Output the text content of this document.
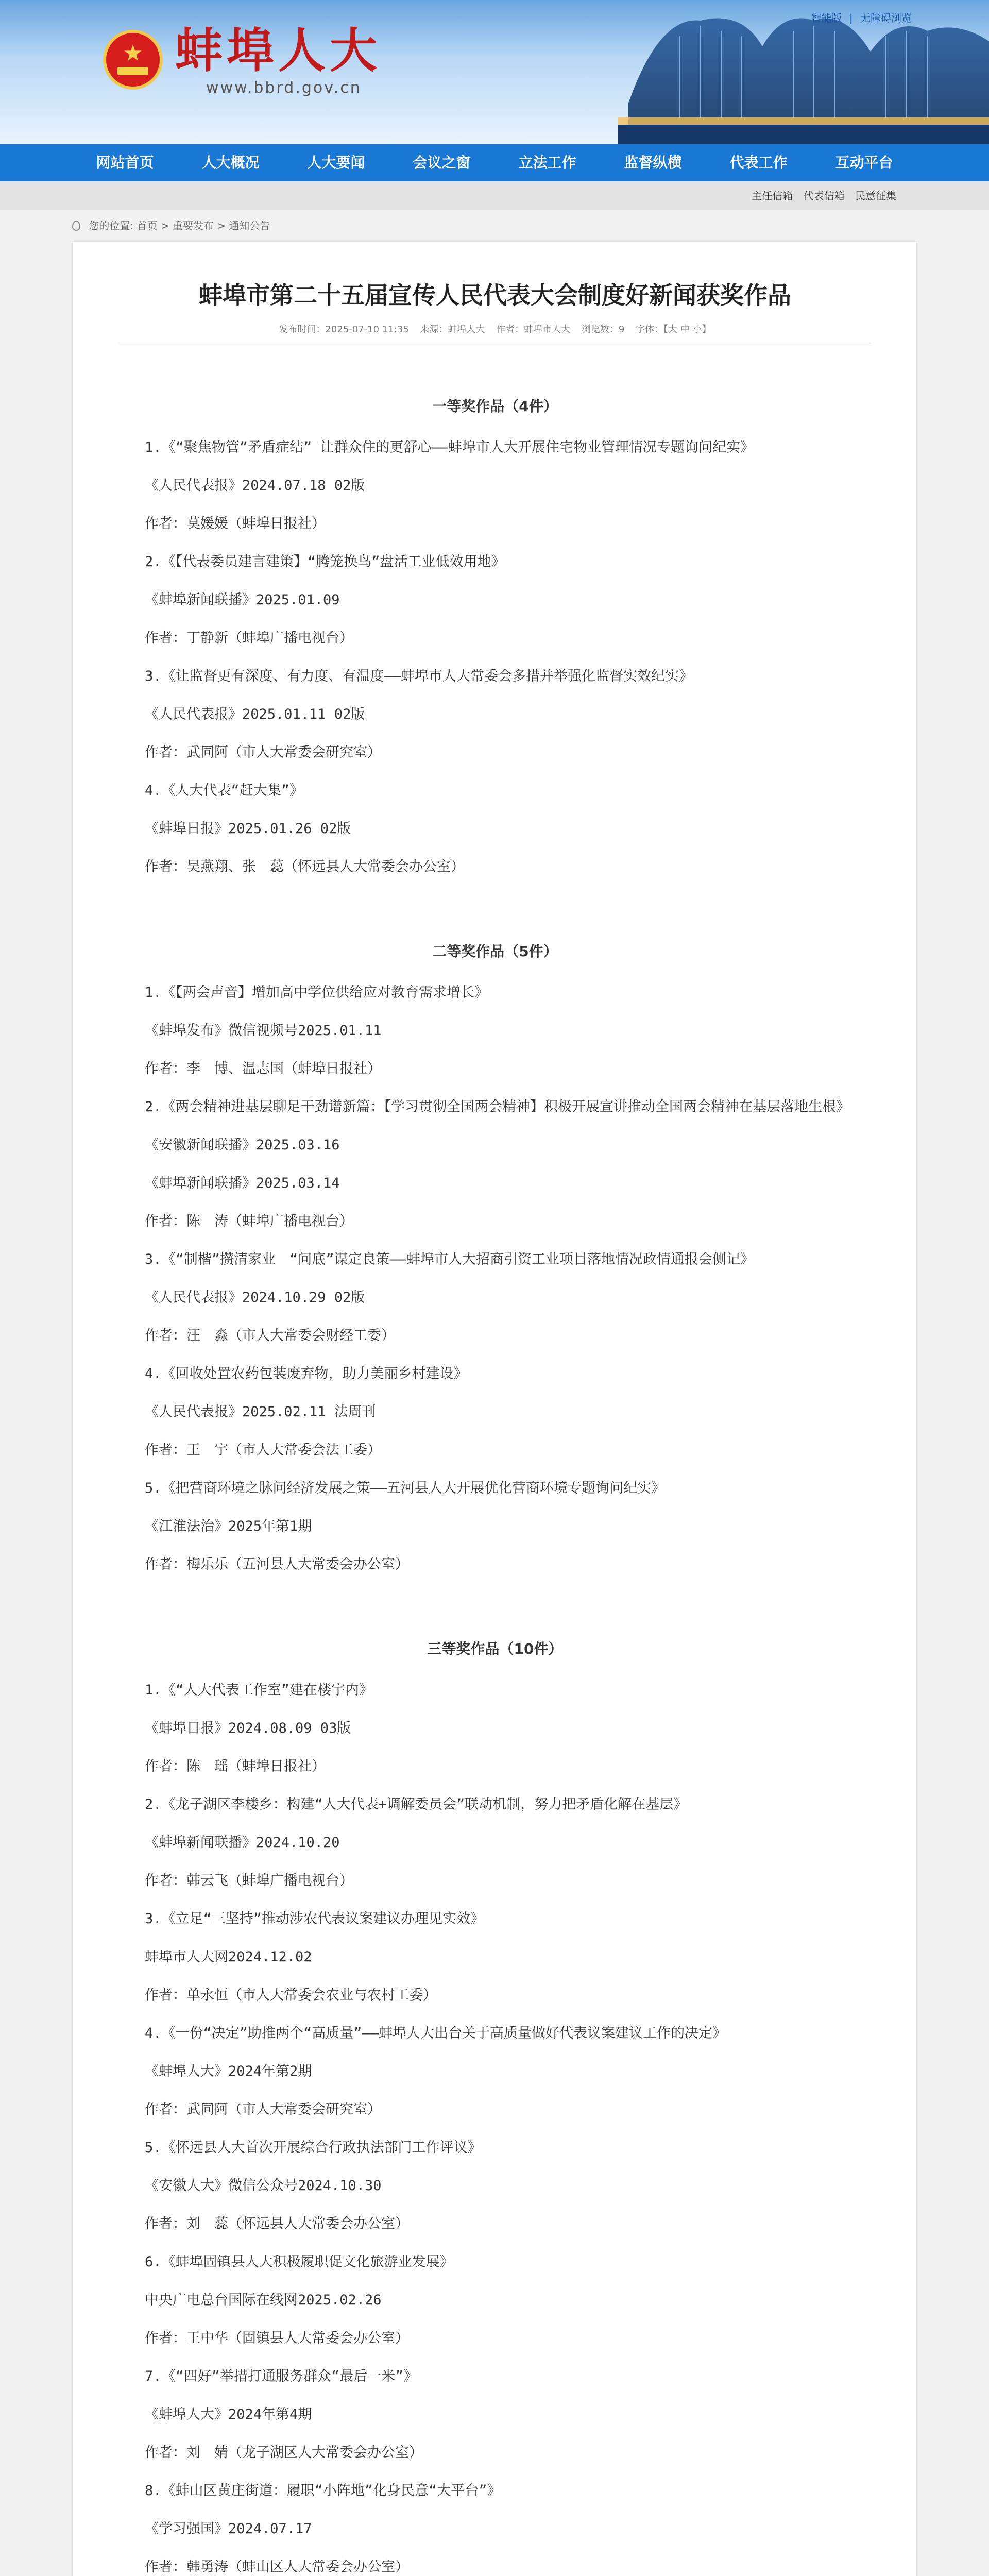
★ 蚌埠人大
www.bbrd.gov.cn
智能版 | 无障碍浏览
网站首页	人大概况	人大要闻	会议之窗	立法工作	监督纵横	代表工作	互动平台
主任信箱 代表信箱 民意征集
您的位置: 首页 > 重要发布 > 通知公告
蚌埠市第二十五届宣传人民代表大会制度好新闻获奖作品
发布时间：2025-07-10 11:35 来源：蚌埠人大 作者：蚌埠市人大 浏览数：9 字体：【大 中 小】
一等奖作品（4件）
1.《“聚焦物管”矛盾症结” 让群众住的更舒心——蚌埠市人大开展住宅物业管理情况专题询问纪实》
《人民代表报》2024.07.18 02版
作者：莫媛媛（蚌埠日报社）
2.《【代表委员建言建策】“腾笼换鸟”盘活工业低效用地》
《蚌埠新闻联播》2025.01.09
作者：丁静新（蚌埠广播电视台）
3.《让监督更有深度、有力度、有温度——蚌埠市人大常委会多措并举强化监督实效纪实》
《人民代表报》2025.01.11 02版
作者：武同阿（市人大常委会研究室）
4.《人大代表“赶大集”》
《蚌埠日报》2025.01.26 02版
作者：吴燕翔、张　蕊（怀远县人大常委会办公室）
二等奖作品（5件）
1.《【两会声音】增加高中学位供给应对教育需求增长》
《蚌埠发布》微信视频号2025.01.11
作者：李　博、温志国（蚌埠日报社）
2.《两会精神进基层聊足干劲谱新篇：【学习贯彻全国两会精神】积极开展宣讲推动全国两会精神在基层落地生根》
《安徽新闻联播》2025.03.16
《蚌埠新闻联播》2025.03.14
作者：陈　涛（蚌埠广播电视台）
3.《“制楷”攒清家业　“问底”谋定良策——蚌埠市人大招商引资工业项目落地情况政情通报会侧记》
《人民代表报》2024.10.29 02版
作者：汪　淼（市人大常委会财经工委）
4.《回收处置农药包装废弃物，助力美丽乡村建设》
《人民代表报》2025.02.11 法周刊
作者：王　宇（市人大常委会法工委）
5.《把营商环境之脉问经济发展之策——五河县人大开展优化营商环境专题询问纪实》
《江淮法治》2025年第1期
作者：梅乐乐（五河县人大常委会办公室）
三等奖作品（10件）
1.《“人大代表工作室”建在楼宇内》
《蚌埠日报》2024.08.09 03版
作者：陈　瑶（蚌埠日报社）
2.《龙子湖区李楼乡：构建“人大代表+调解委员会”联动机制，努力把矛盾化解在基层》
《蚌埠新闻联播》2024.10.20
作者：韩云飞（蚌埠广播电视台）
3.《立足“三坚持”推动涉农代表议案建议办理见实效》
蚌埠市人大网2024.12.02
作者：单永恒（市人大常委会农业与农村工委）
4.《一份“决定”助推两个“高质量”——蚌埠人大出台关于高质量做好代表议案建议工作的决定》
《蚌埠人大》2024年第2期
作者：武同阿（市人大常委会研究室）
5.《怀远县人大首次开展综合行政执法部门工作评议》
《安徽人大》微信公众号2024.10.30
作者：刘　蕊（怀远县人大常委会办公室）
6.《蚌埠固镇县人大积极履职促文化旅游业发展》
中央广电总台国际在线网2025.02.26
作者：王中华（固镇县人大常委会办公室）
7.《“四好”举措打通服务群众“最后一米”》
《蚌埠人大》2024年第4期
作者：刘　婧（龙子湖区人大常委会办公室）
8.《蚌山区黄庄街道：履职“小阵地”化身民意“大平台”》
《学习强国》2024.07.17
作者：韩勇涛（蚌山区人大常委会办公室）
